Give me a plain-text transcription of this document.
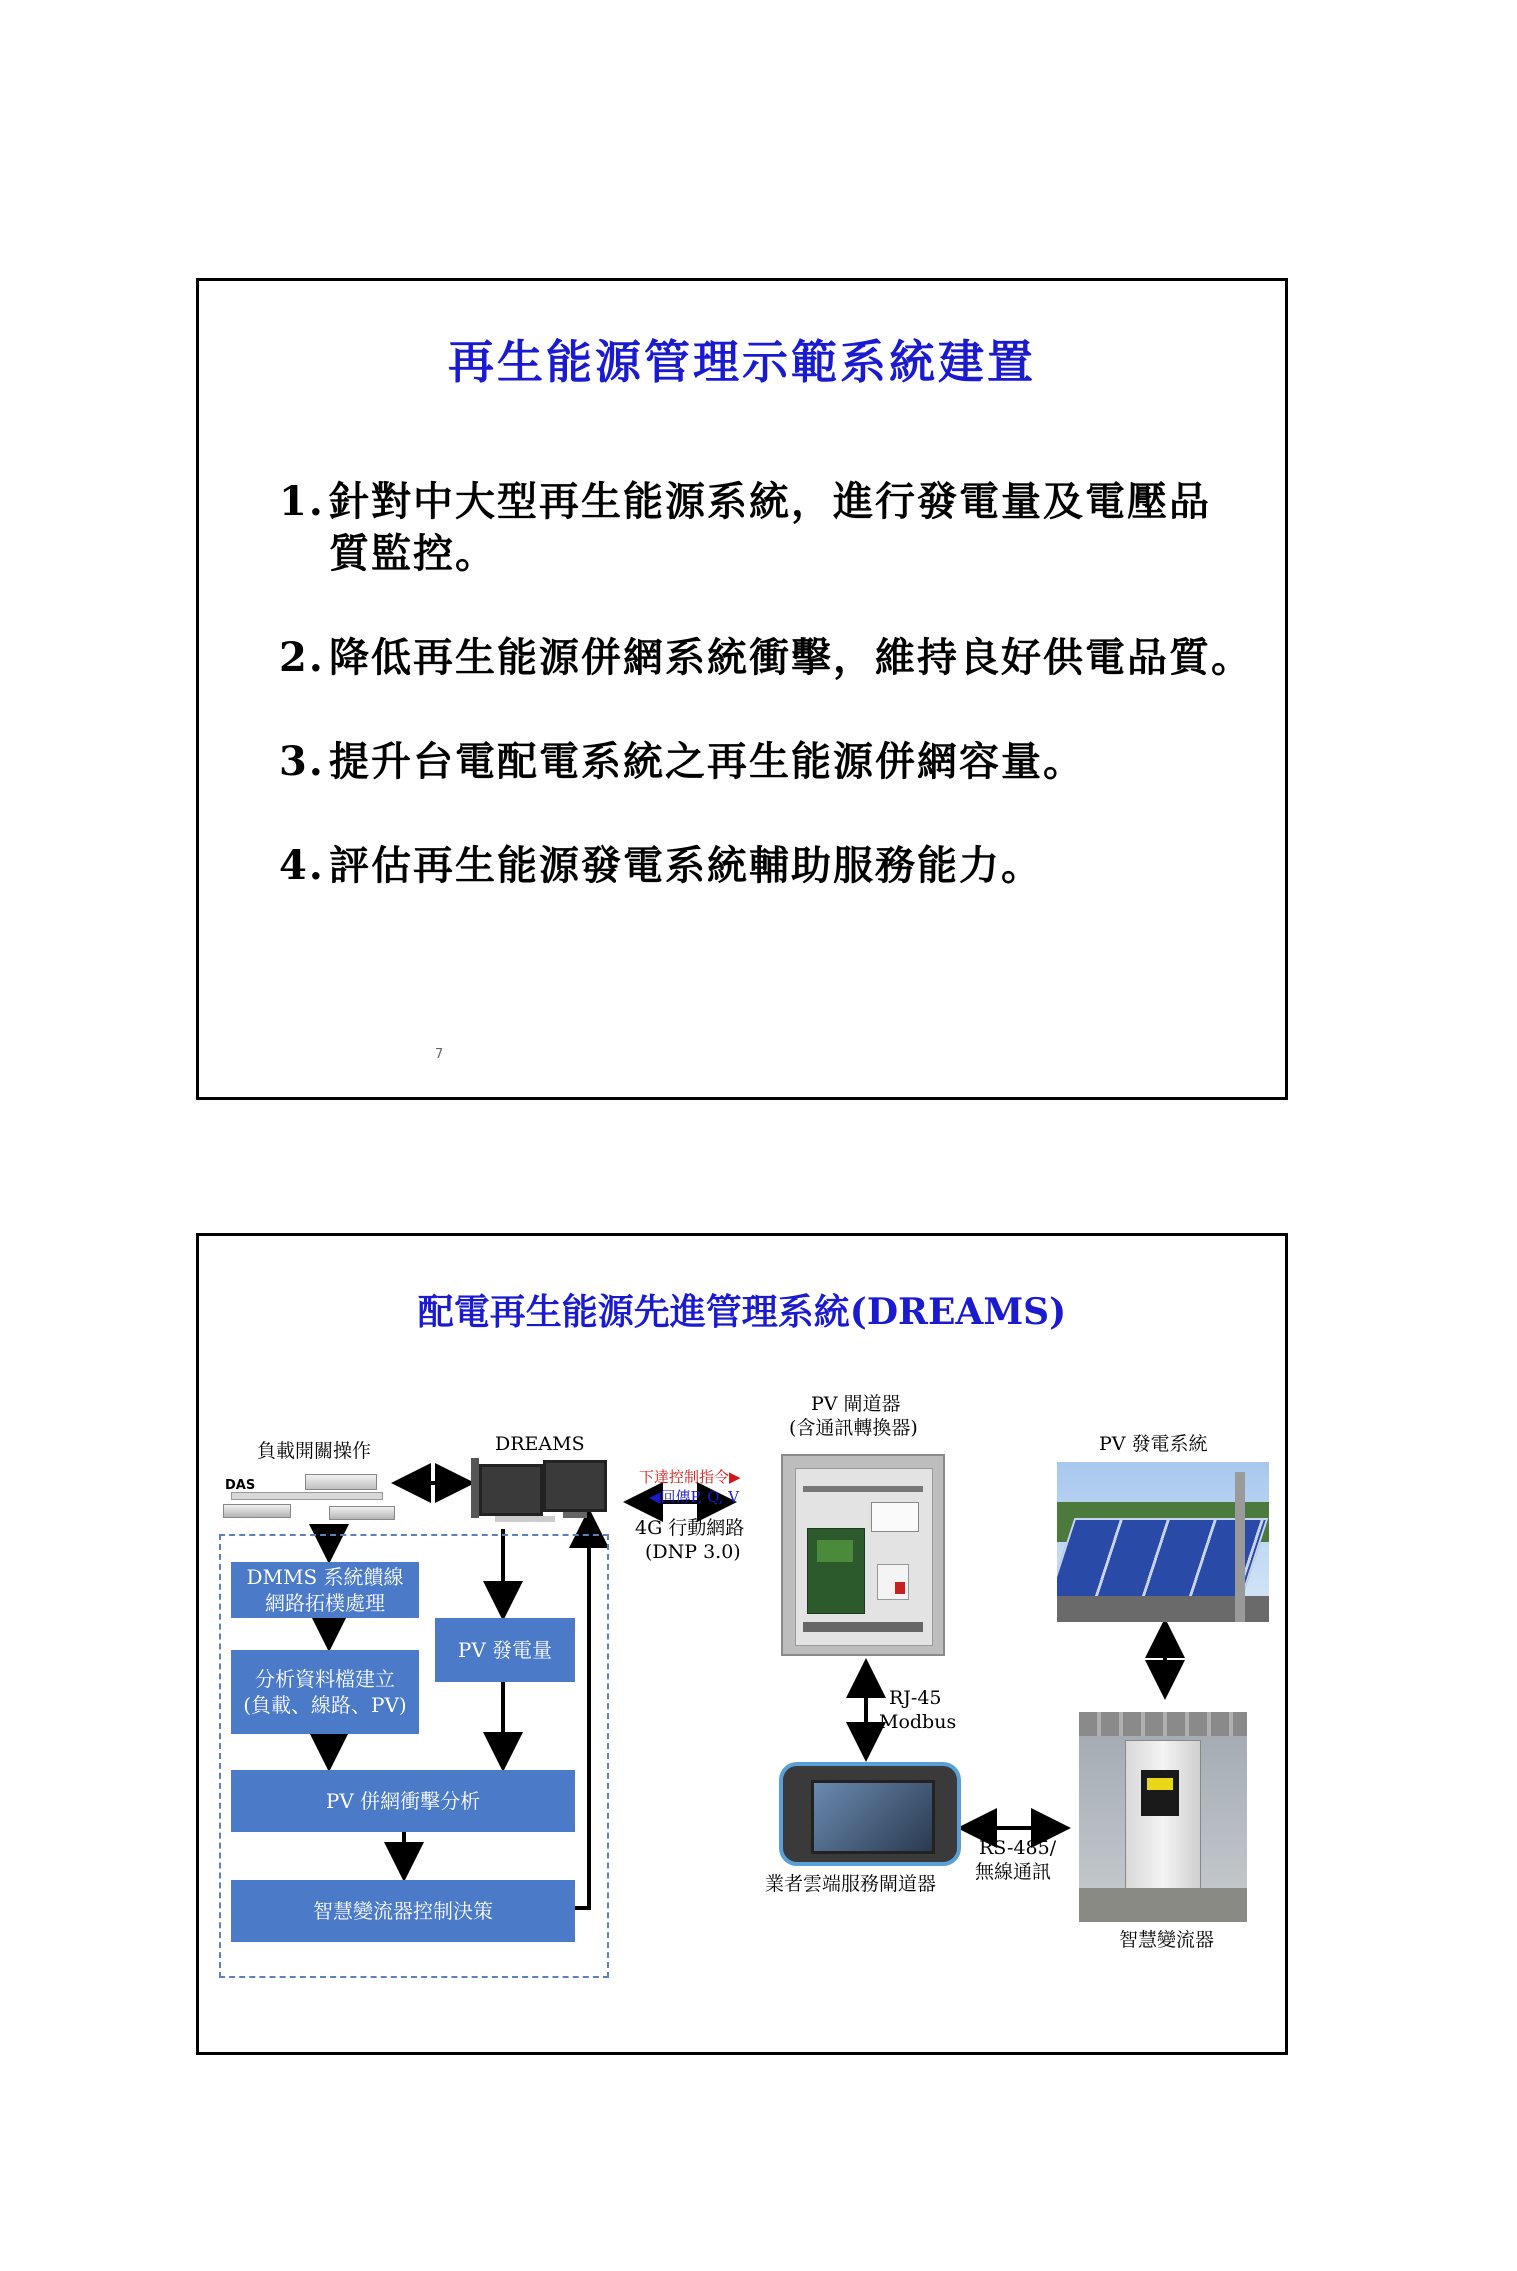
再生能源管理示範系統建置
1. 針對中大型再生能源系統，進行發電量及電壓品
質監控。
2. 降低再生能源併網系統衝擊，維持良好供電品質。
3. 提升台電配電系統之再生能源併網容量。
4. 評估再生能源發電系統輔助服務能力。
7
配電再生能源先進管理系統(DREAMS)
負載開關操作
DAS
DREAMS
DMMS 系統饋線
網路拓樸處理
分析資料檔建立
(負載、線路、PV)
PV 發電量
PV 併網衝擊分析
智慧變流器控制決策
下達控制指令▶
◀回傳P, Q, V
4G 行動網路
(DNP 3.0)
PV 閘道器
(含通訊轉換器)
PV 發電系統
RJ-45
Modbus
業者雲端服務閘道器
RS-485/
無線通訊
智慧變流器
